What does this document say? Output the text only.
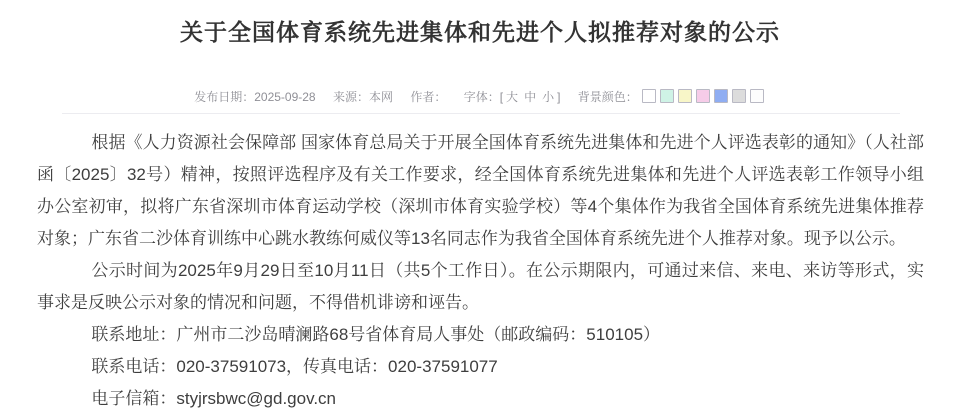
关于全国体育系统先进集体和先进个人拟推荐对象的公示
发布日期：2025-09-28 来源：本网 作者： 字体：[ 大 中 小 ] 背景颜色：

根据《人力资源社会保障部 国家体育总局关于开展全国体育系统先进集体和先进个人评选表彰的通知》（人社部函〔2025〕32号）精神，按照评选程序及有关工作要求，经全国体育系统先进集体和先进个人评选表彰工作领导小组办公室初审，拟将广东省深圳市体育运动学校（深圳市体育实验学校）等4个集体作为我省全国体育系统先进集体推荐对象；广东省二沙体育训练中心跳水教练何威仪等13名同志作为我省全国体育系统先进个人推荐对象。现予以公示。

公示时间为2025年9月29日至10月11日（共5个工作日）。在公示期限内，可通过来信、来电、来访等形式，实事求是反映公示对象的情况和问题，不得借机诽谤和诬告。

联系地址：广州市二沙岛晴澜路68号省体育局人事处（邮政编码：510105）

联系电话：020-37591073，传真电话：020-37591077

电子信箱：styjrsbwc@gd.gov.cn
